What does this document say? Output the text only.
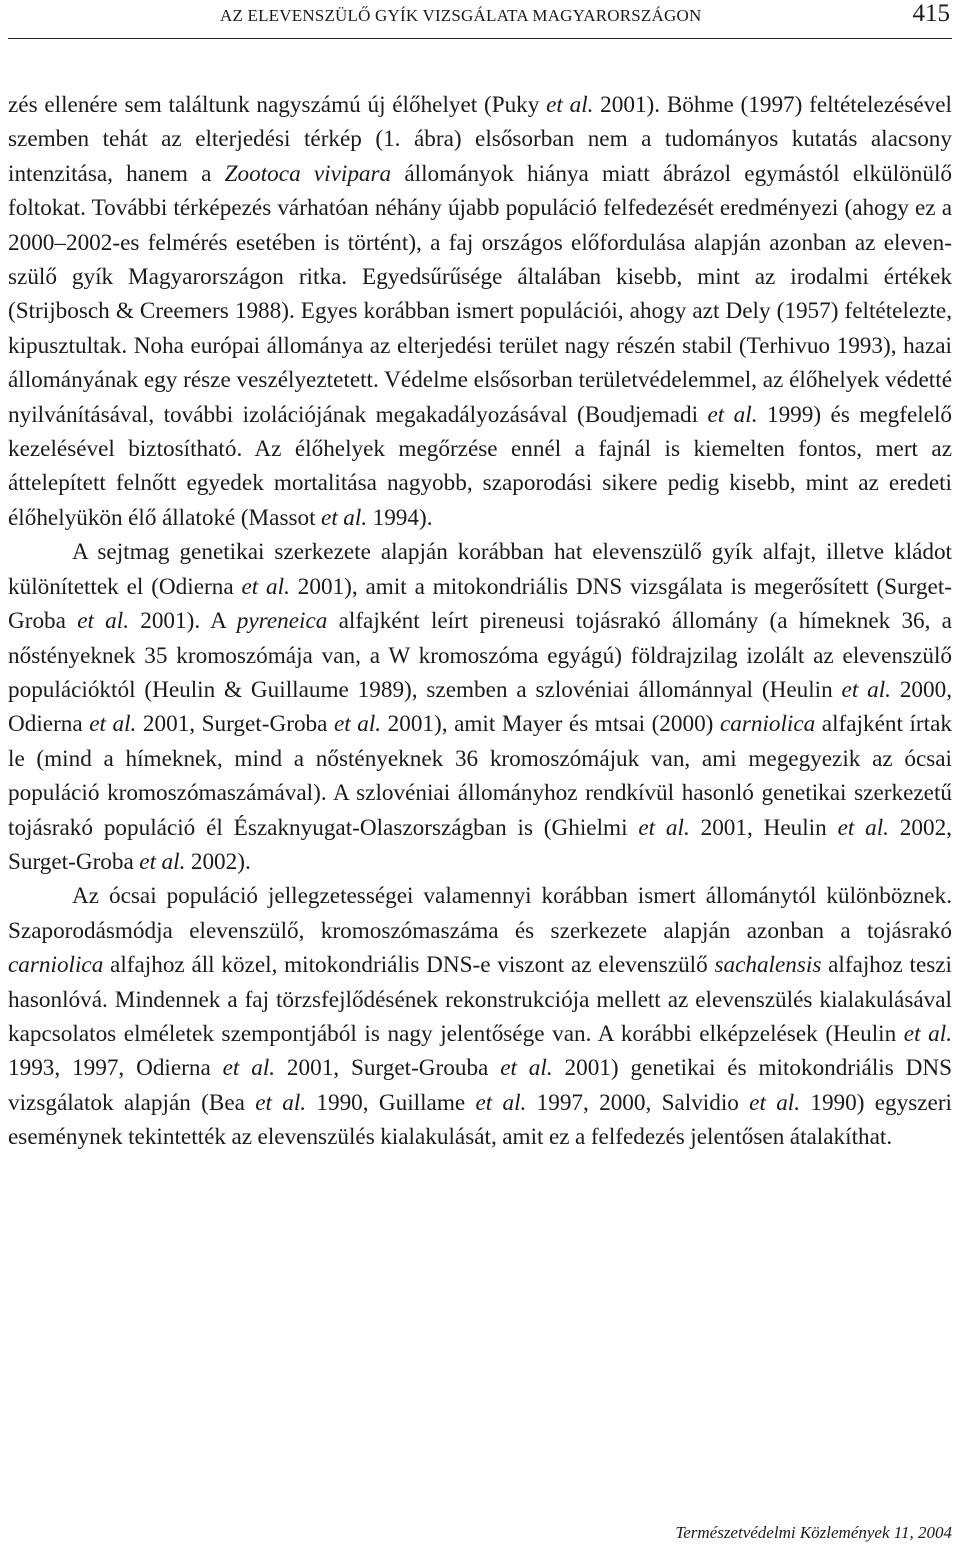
AZ ELEVENSZÜLŐ GYÍK VIZSGÁLATA MAGYARORSZÁGON	415

zés ellenére sem találtunk nagyszámú új élőhelyet (Puky et al. 2001). Böhme (1997) feltételezésével szemben tehát az elterjedési térkép (1. ábra) elsősorban nem a tudományos kutatás alacsony intenzitása, hanem a Zootoca vivipara állományok hiánya miatt ábrázol egymástól elkülönülő foltokat. További térképezés várhatóan néhány újabb populáció felfedezését eredményezi (ahogy ez a 2000–2002-es felmérés esetében is történt), a faj országos előfordulása alapján azonban az elevenszülő gyík Magyarországon ritka. Egyedsűrűsége általában kisebb, mint az irodalmi értékek (Strijbosch & Creemers 1988). Egyes korábban ismert populációi, ahogy azt Dely (1957) feltételezte, kipusztultak. Noha európai állománya az elterjedési terület nagy részén stabil (Terhivuo 1993), hazai állományának egy része veszélyeztetett. Védelme elsősorban területvédelemmel, az élőhelyek védetté nyilvánításával, további izolációjának megakadályozásával (Boudjemadi et al. 1999) és megfelelő kezelésével biztosítható. Az élőhelyek megőrzése ennél a fajnál is kiemelten fontos, mert az áttelepített felnőtt egyedek mortalitása nagyobb, szaporodási sikere pedig kisebb, mint az eredeti élőhelyükön élő állatoké (Massot et al. 1994).

A sejtmag genetikai szerkezete alapján korábban hat elevenszülő gyík alfajt, illetve kládot különítettek el (Odierna et al. 2001), amit a mitokondriális DNS vizsgálata is megerősített (Surget-Groba et al. 2001). A pyreneica alfajként leírt pireneusi tojásrakó állomány (a hímeknek 36, a nőstényeknek 35 kromoszómája van, a W kromoszóma egyágú) földrajzilag izolált az elevenszülő populációktól (Heulin & Guillaume 1989), szemben a szlovéniai állománnyal (Heulin et al. 2000, Odierna et al. 2001, Surget-Groba et al. 2001), amit Mayer és mtsai (2000) carniolica alfajként írtak le (mind a hímeknek, mind a nőstényeknek 36 kromoszómájuk van, ami megegyezik az ócsai populáció kromoszómaszámával). A szlovéniai állományhoz rendkívül hasonló genetikai szerkezetű tojásrakó populáció él Északnyugat-Olaszországban is (Ghielmi et al. 2001, Heulin et al. 2002, Surget-Groba et al. 2002).

Az ócsai populáció jellegzetességei valamennyi korábban ismert állománytól különböznek. Szaporodásmódja elevenszülő, kromoszómaszáma és szerkezete alapján azonban a tojásrakó carniolica alfajhoz áll közel, mitokondriális DNS-e viszont az elevenszülő sachalensis alfajhoz teszi hasonlóvá. Mindennek a faj törzsfejlődésének rekonstrukciója mellett az elevenszülés kialakulásával kapcsolatos elméletek szempontjából is nagy jelentősége van. A korábbi elképzelések (Heulin et al. 1993, 1997, Odierna et al. 2001, Surget-Grouba et al. 2001) genetikai és mitokondriális DNS vizsgálatok alapján (Bea et al. 1990, Guillame et al. 1997, 2000, Salvidio et al. 1990) egyszeri eseménynek tekintették az elevenszülés kialakulását, amit ez a felfedezés jelentősen átalakíthat.

Természetvédelmi Közlemények 11, 2004
